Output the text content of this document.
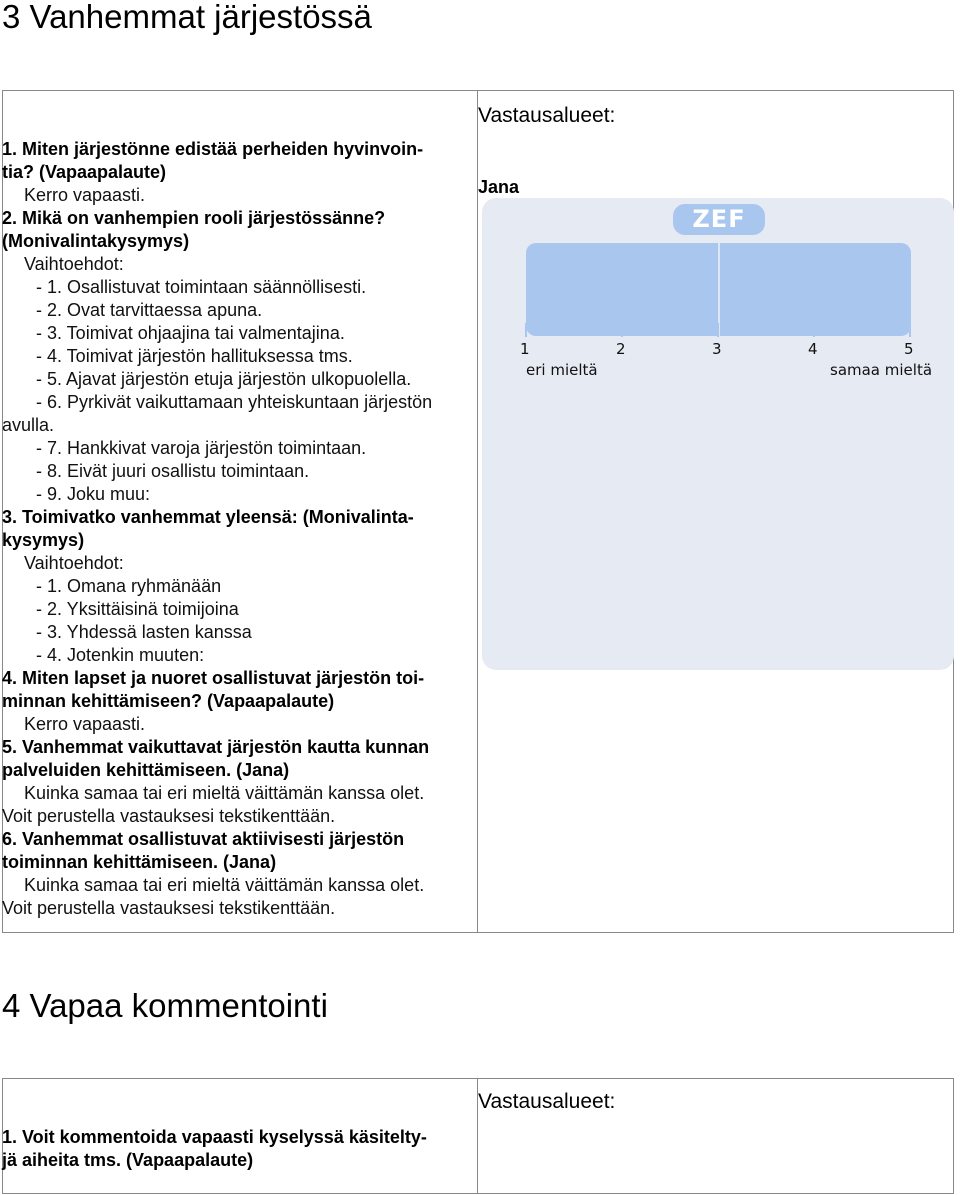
3 Vanhemmat järjestössä
1. Miten järjestönne edistää perheiden hyvinvoin-
tia? (Vapaapalaute)
Kerro vapaasti.
2. Mikä on vanhempien rooli järjestössänne?
(Monivalintakysymys)
Vaihtoehdot:
- 1. Osallistuvat toimintaan säännöllisesti.
- 2. Ovat tarvittaessa apuna.
- 3. Toimivat ohjaajina tai valmentajina.
- 4. Toimivat järjestön hallituksessa tms.
- 5. Ajavat järjestön etuja järjestön ulkopuolella.
- 6. Pyrkivät vaikuttamaan yhteiskuntaan järjestön
avulla.
- 7. Hankkivat varoja järjestön toimintaan.
- 8. Eivät juuri osallistu toimintaan.
- 9. Joku muu:
3. Toimivatko vanhemmat yleensä: (Monivalinta-
kysymys)
Vaihtoehdot:
- 1. Omana ryhmänään
- 2. Yksittäisinä toimijoina
- 3. Yhdessä lasten kanssa
- 4. Jotenkin muuten:
4. Miten lapset ja nuoret osallistuvat järjestön toi-
minnan kehittämiseen? (Vapaapalaute)
Kerro vapaasti.
5. Vanhemmat vaikuttavat järjestön kautta kunnan
palveluiden kehittämiseen. (Jana)
Kuinka samaa tai eri mieltä väittämän kanssa olet.
Voit perustella vastauksesi tekstikenttään.
6. Vanhemmat osallistuvat aktiivisesti järjestön
toiminnan kehittämiseen. (Jana)
Kuinka samaa tai eri mieltä väittämän kanssa olet.
Voit perustella vastauksesi tekstikenttään.
Vastausalueet:
Jana
ZEF
1	2	3	4	5
eri mieltä	samaa mieltä
4 Vapaa kommentointi
1. Voit kommentoida vapaasti kyselyssä käsitelty-
jä aiheita tms. (Vapaapalaute)
Vastausalueet:
